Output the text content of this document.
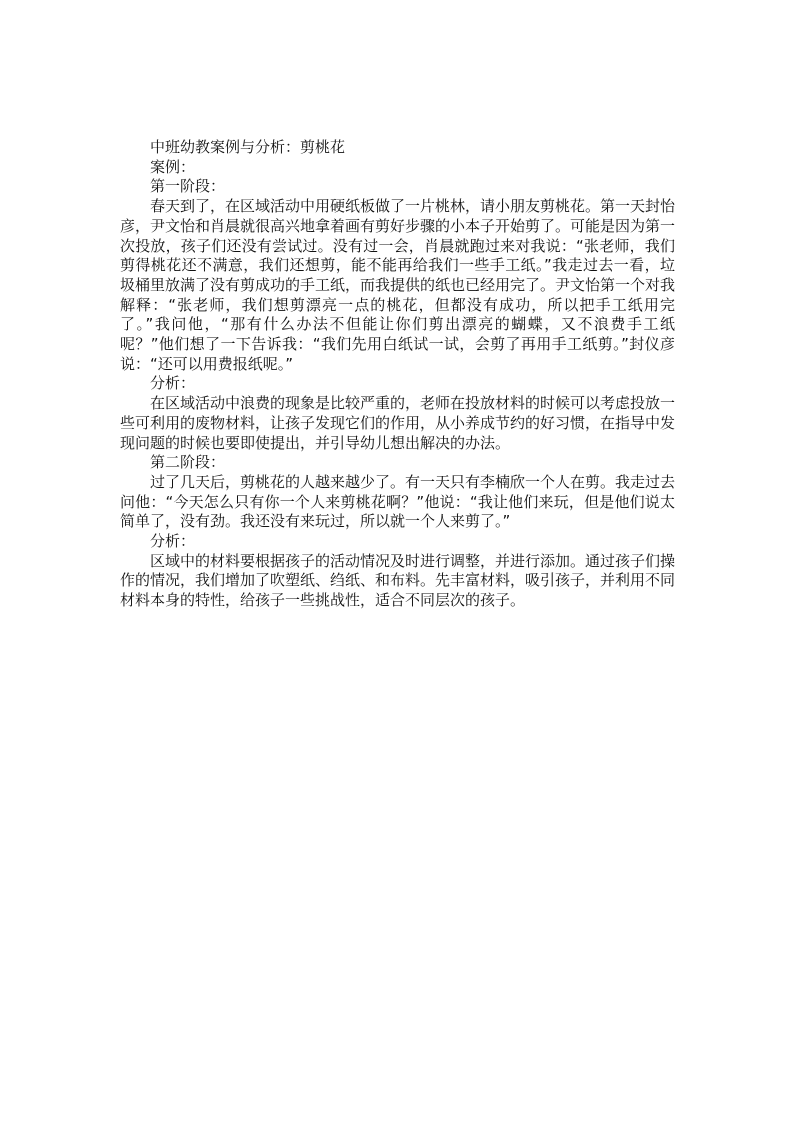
中班幼教案例与分析：剪桃花

案例：

第一阶段：

春天到了，在区域活动中用硬纸板做了一片桃林，请小朋友剪桃花。第一天封怡彦，尹文怡和肖晨就很高兴地拿着画有剪好步骤的小本子开始剪了。可能是因为第一次投放，孩子们还没有尝试过。没有过一会，肖晨就跑过来对我说：“张老师，我们剪得桃花还不满意，我们还想剪，能不能再给我们一些手工纸。”我走过去一看，垃圾桶里放满了没有剪成功的手工纸，而我提供的纸也已经用完了。尹文怡第一个对我解释：“张老师，我们想剪漂亮一点的桃花，但都没有成功，所以把手工纸用完了。”我问他，“那有什么办法不但能让你们剪出漂亮的蝴蝶，又不浪费手工纸呢？”他们想了一下告诉我：“我们先用白纸试一试，会剪了再用手工纸剪。”封仪彦说：“还可以用费报纸呢。”

分析：

在区域活动中浪费的现象是比较严重的，老师在投放材料的时候可以考虑投放一些可利用的废物材料，让孩子发现它们的作用，从小养成节约的好习惯，在指导中发现问题的时候也要即使提出，并引导幼儿想出解决的办法。

第二阶段：

过了几天后，剪桃花的人越来越少了。有一天只有李楠欣一个人在剪。我走过去问他：“今天怎么只有你一个人来剪桃花啊？”他说：“我让他们来玩，但是他们说太简单了，没有劲。我还没有来玩过，所以就一个人来剪了。”

分析：

区域中的材料要根据孩子的活动情况及时进行调整，并进行添加。通过孩子们操作的情况，我们增加了吹塑纸、绉纸、和布料。先丰富材料，吸引孩子，并利用不同材料本身的特性，给孩子一些挑战性，适合不同层次的孩子。
